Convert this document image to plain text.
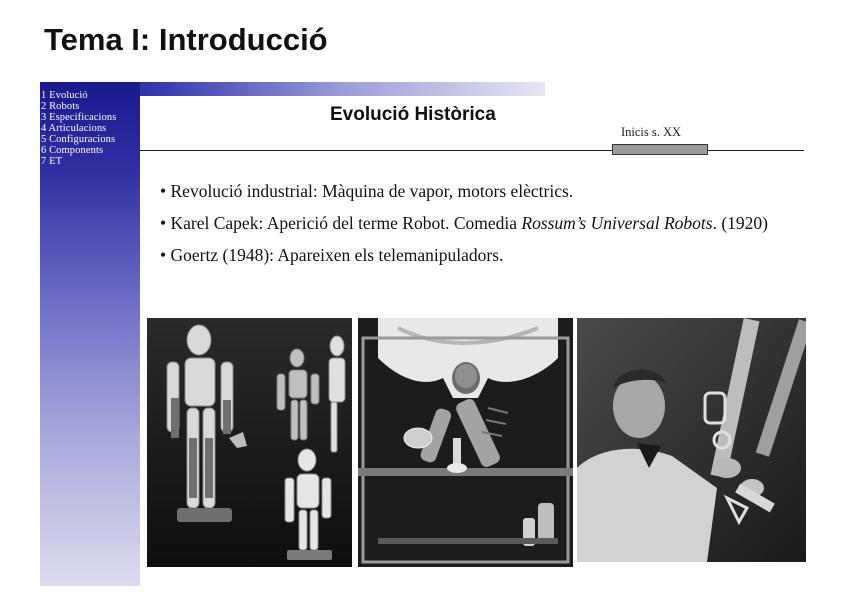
Tema I: Introducció
1 Evolució
2 Robots
3 Especificacions
4 Articulacions
5 Configuracions
6 Components
7 ET
Evolució Històrica
Inicis s. XX

• Revolució industrial: Màquina de vapor, motors elèctrics.

• Karel Capek: Aperició del terme Robot. Comedia Rossum’s Universal Robots. (1920)

• Goertz (1948): Apareixen els telemanipuladors.
